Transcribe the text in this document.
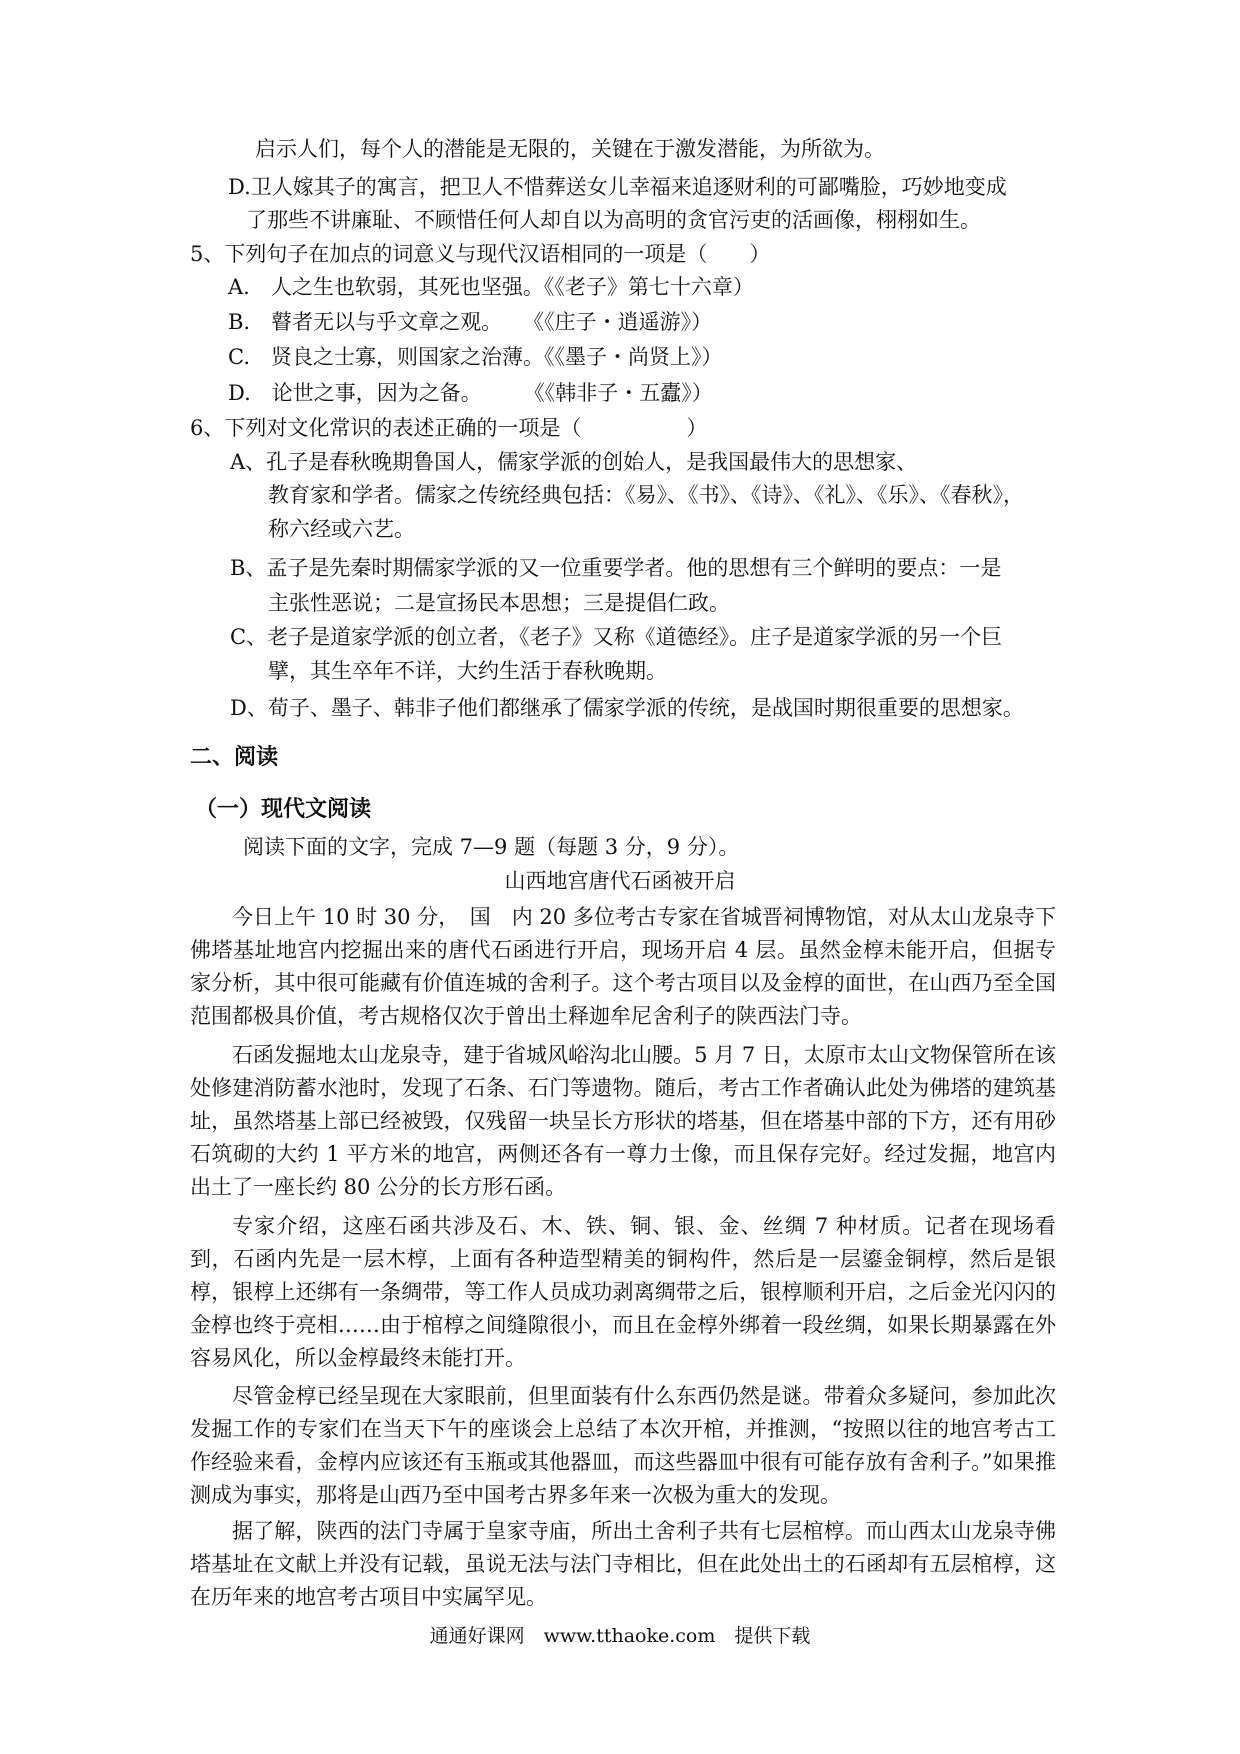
启示人们，每个人的潜能是无限的，关键在于激发潜能，为所欲为。
D.卫人嫁其子的寓言，把卫人不惜葬送女儿幸福来追逐财利的可鄙嘴脸，巧妙地变成
了那些不讲廉耻、不顾惜任何人却自以为高明的贪官污吏的活画像，栩栩如生。
5、下列句子在加点的词意义与现代汉语相同的一项是（　　）
A.　人之生也软弱，其死也坚强。《《老子》第七十六章）
B.　瞽者无以与乎文章之观。　　《《庄子・逍遥游》）
C.　贤良之士寡，则国家之治薄。《《墨子・尚贤上》）
D.　论世之事，因为之备。　　　《《韩非子・五蠹》）
6、下列对文化常识的表述正确的一项是（　　　　　）
A、孔子是春秋晚期鲁国人，儒家学派的创始人，是我国最伟大的思想家、
教育家和学者。儒家之传统经典包括：《易》、《书》、《诗》、《礼》、《乐》、《春秋》，
称六经或六艺。
B、孟子是先秦时期儒家学派的又一位重要学者。他的思想有三个鲜明的要点：一是
主张性恶说；二是宣扬民本思想；三是提倡仁政。
C、老子是道家学派的创立者，《老子》又称《道德经》。庄子是道家学派的另一个巨
擘，其生卒年不详，大约生活于春秋晚期。
D、荀子、墨子、韩非子他们都继承了儒家学派的传统，是战国时期很重要的思想家。
二、阅读
（一）现代文阅读
阅读下面的文字，完成 7—9 题（每题 3 分，9 分）。
山西地宫唐代石函被开启
今日上午 10 时 30 分，　国　内 20 多位考古专家在省城晋祠博物馆，对从太山龙泉寺下佛塔基址地宫内挖掘出来的唐代石函进行开启，现场开启 4 层。虽然金椁未能开启，但据专家分析，其中很可能藏有价值连城的舍利子。这个考古项目以及金椁的面世，在山西乃至全国范围都极具价值，考古规格仅次于曾出土释迦牟尼舍利子的陕西法门寺。
石函发掘地太山龙泉寺，建于省城风峪沟北山腰。5 月 7 日，太原市太山文物保管所在该处修建消防蓄水池时，发现了石条、石门等遗物。随后，考古工作者确认此处为佛塔的建筑基址，虽然塔基上部已经被毁，仅残留一块呈长方形状的塔基，但在塔基中部的下方，还有用砂石筑砌的大约 1 平方米的地宫，两侧还各有一尊力士像，而且保存完好。经过发掘，地宫内出土了一座长约 80 公分的长方形石函。
专家介绍，这座石函共涉及石、木、铁、铜、银、金、丝绸 7 种材质。记者在现场看到，石函内先是一层木椁，上面有各种造型精美的铜构件，然后是一层鎏金铜椁，然后是银椁，银椁上还绑有一条绸带，等工作人员成功剥离绸带之后，银椁顺利开启，之后金光闪闪的金椁也终于亮相……由于棺椁之间缝隙很小，而且在金椁外绑着一段丝绸，如果长期暴露在外容易风化，所以金椁最终未能打开。
尽管金椁已经呈现在大家眼前，但里面装有什么东西仍然是谜。带着众多疑问，参加此次发掘工作的专家们在当天下午的座谈会上总结了本次开棺，并推测，“按照以往的地宫考古工作经验来看，金椁内应该还有玉瓶或其他器皿，而这些器皿中很有可能存放有舍利子。”如果推测成为事实，那将是山西乃至中国考古界多年来一次极为重大的发现。
据了解，陕西的法门寺属于皇家寺庙，所出土舍利子共有七层棺椁。而山西太山龙泉寺佛塔基址在文献上并没有记载，虽说无法与法门寺相比，但在此处出土的石函却有五层棺椁，这在历年来的地宫考古项目中实属罕见。
通通好课网　www.tthaoke.com　提供下载
